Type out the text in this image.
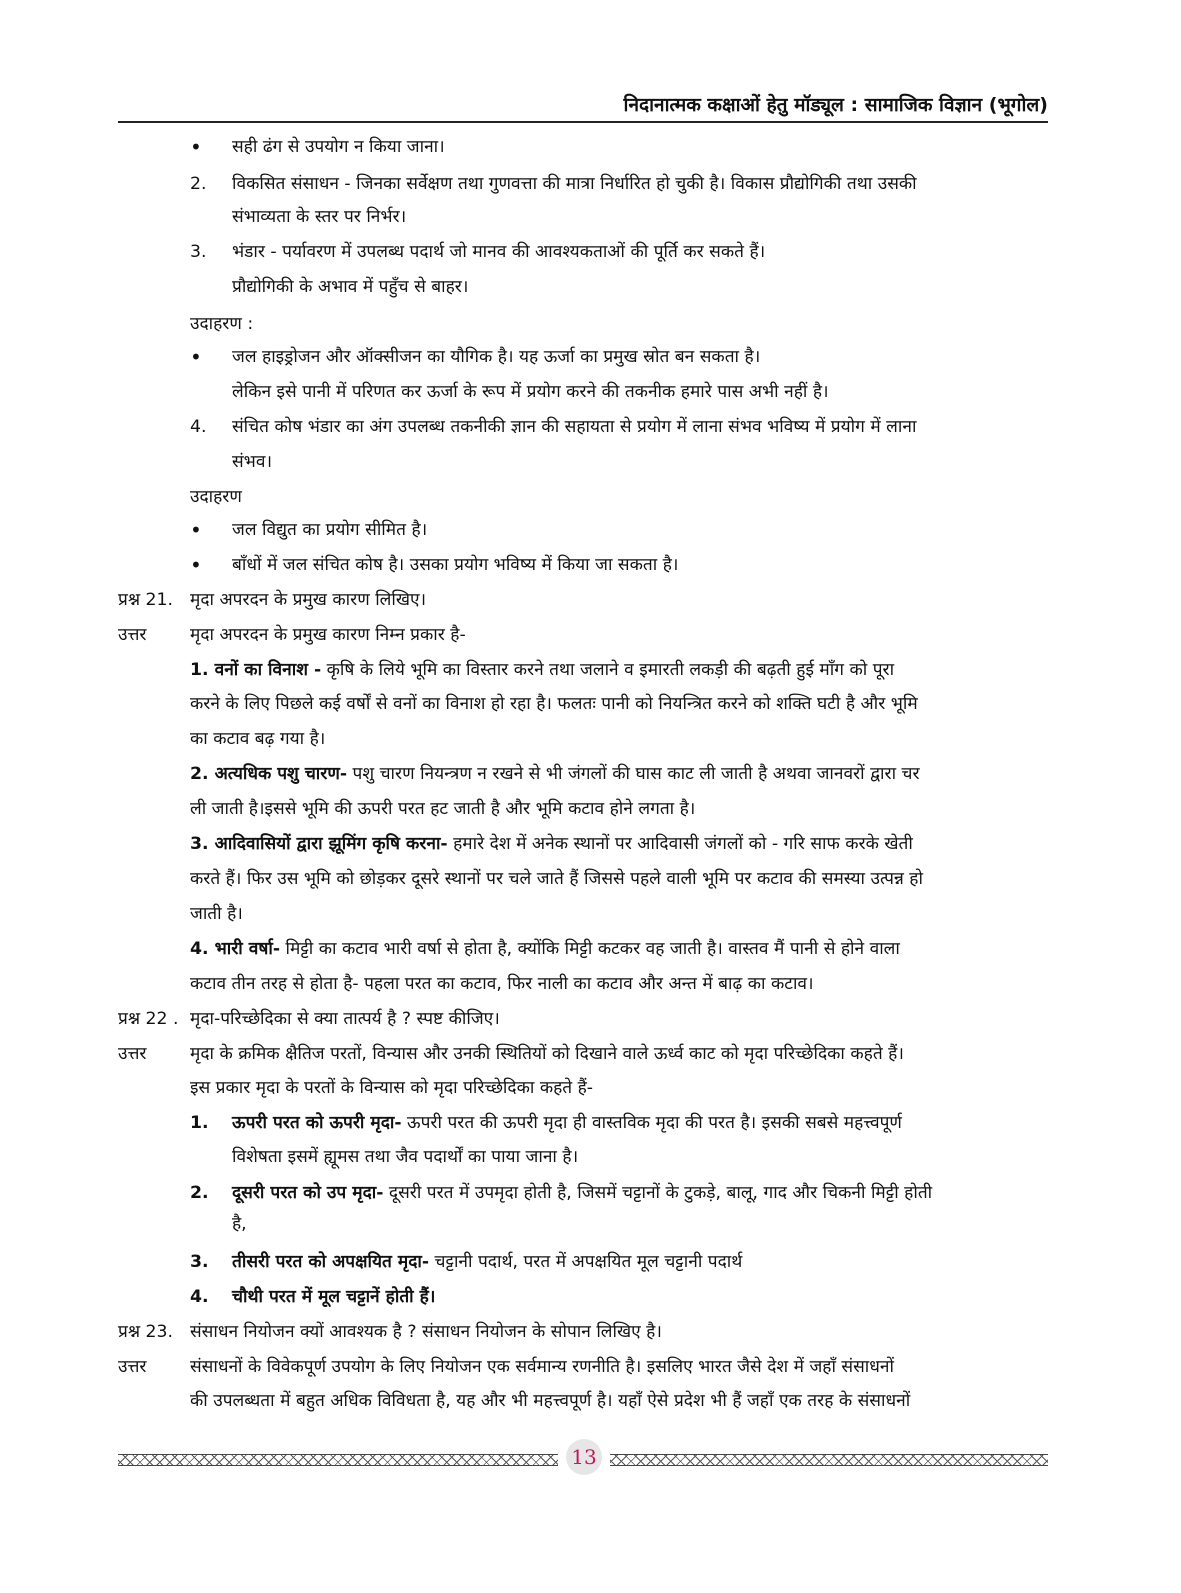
निदानात्मक कक्षाओं हेतु मॉड्यूल : सामाजिक विज्ञान (भूगोल)
• सही ढंग से उपयोग न किया जाना।
2. विकसित संसाधन - जिनका सर्वेक्षण तथा गुणवत्ता की मात्रा निर्धारित हो चुकी है। विकास प्रौद्योगिकी तथा उसकी
संभाव्यता के स्तर पर निर्भर।
3. भंडार - पर्यावरण में उपलब्ध पदार्थ जो मानव की आवश्यकताओं की पूर्ति कर सकते हैं।
प्रौद्योगिकी के अभाव में पहुँच से बाहर।
उदाहरण :
• जल हाइड्रोजन और ऑक्सीजन का यौगिक है। यह ऊर्जा का प्रमुख स्रोत बन सकता है।
लेकिन इसे पानी में परिणत कर ऊर्जा के रूप में प्रयोग करने की तकनीक हमारे पास अभी नहीं है।
4. संचित कोष भंडार का अंग उपलब्ध तकनीकी ज्ञान की सहायता से प्रयोग में लाना संभव भविष्य में प्रयोग में लाना
संभव।
उदाहरण
• जल विद्युत का प्रयोग सीमित है।
• बाँधों में जल संचित कोष है। उसका प्रयोग भविष्य में किया जा सकता है।
प्रश्न 21. मृदा अपरदन के प्रमुख कारण लिखिए।
उत्तर	मृदा अपरदन के प्रमुख कारण निम्न प्रकार है-
1. वनों का विनाश - कृषि के लिये भूमि का विस्तार करने तथा जलाने व इमारती लकड़ी की बढ़ती हुई माँग को पूरा
करने के लिए पिछले कई वर्षों से वनों का विनाश हो रहा है। फलतः पानी को नियन्त्रित करने को शक्ति घटी है और भूमि
का कटाव बढ़ गया है।
2. अत्यधिक पशु चारण- पशु चारण नियन्त्रण न रखने से भी जंगलों की घास काट ली जाती है अथवा जानवरों द्वारा चर
ली जाती है।इससे भूमि की ऊपरी परत हट जाती है और भूमि कटाव होने लगता है।
3. आदिवासियों द्वारा झूमिंग कृषि करना- हमारे देश में अनेक स्थानों पर आदिवासी जंगलों को - गरि साफ करके खेती
करते हैं। फिर उस भूमि को छोड़कर दूसरे स्थानों पर चले जाते हैं जिससे पहले वाली भूमि पर कटाव की समस्या उत्पन्न हो
जाती है।
4. भारी वर्षा- मिट्टी का कटाव भारी वर्षा से होता है, क्योंकि मिट्टी कटकर वह जाती है। वास्तव मैं पानी से होने वाला
कटाव तीन तरह से होता है- पहला परत का कटाव, फिर नाली का कटाव और अन्त में बाढ़ का कटाव।
प्रश्न 22 . मृदा-परिच्छेदिका से क्या तात्पर्य है ? स्पष्ट कीजिए।
उत्तर	मृदा के क्रमिक क्षैतिज परतों, विन्यास और उनकी स्थितियों को दिखाने वाले ऊर्ध्व काट को मृदा परिच्छेदिका कहते हैं।
इस प्रकार मृदा के परतों के विन्यास को मृदा परिच्छेदिका कहते हैं-
1. ऊपरी परत को ऊपरी मृदा- ऊपरी परत की ऊपरी मृदा ही वास्तविक मृदा की परत है। इसकी सबसे महत्त्वपूर्ण
विशेषता इसमें ह्यूमस तथा जैव पदार्थों का पाया जाना है।
2. दूसरी परत को उप मृदा- दूसरी परत में उपमृदा होती है, जिसमें चट्टानों के टुकड़े, बालू, गाद और चिकनी मिट्टी होती
है,
3. तीसरी परत को अपक्षयित मृदा- चट्टानी पदार्थ, परत में अपक्षयित मूल चट्टानी पदार्थ
4. चौथी परत में मूल चट्टानें होती हैं।
प्रश्न 23. संसाधन नियोजन क्यों आवश्यक है ? संसाधन नियोजन के सोपान लिखिए है।
उत्तर	संसाधनों के विवेकपूर्ण उपयोग के लिए नियोजन एक सर्वमान्य रणनीति है। इसलिए भारत जैसे देश में जहाँ संसाधनों
की उपलब्धता में बहुत अधिक विविधता है, यह और भी महत्त्वपूर्ण है। यहाँ ऐसे प्रदेश भी हैं जहाँ एक तरह के संसाधनों
13
